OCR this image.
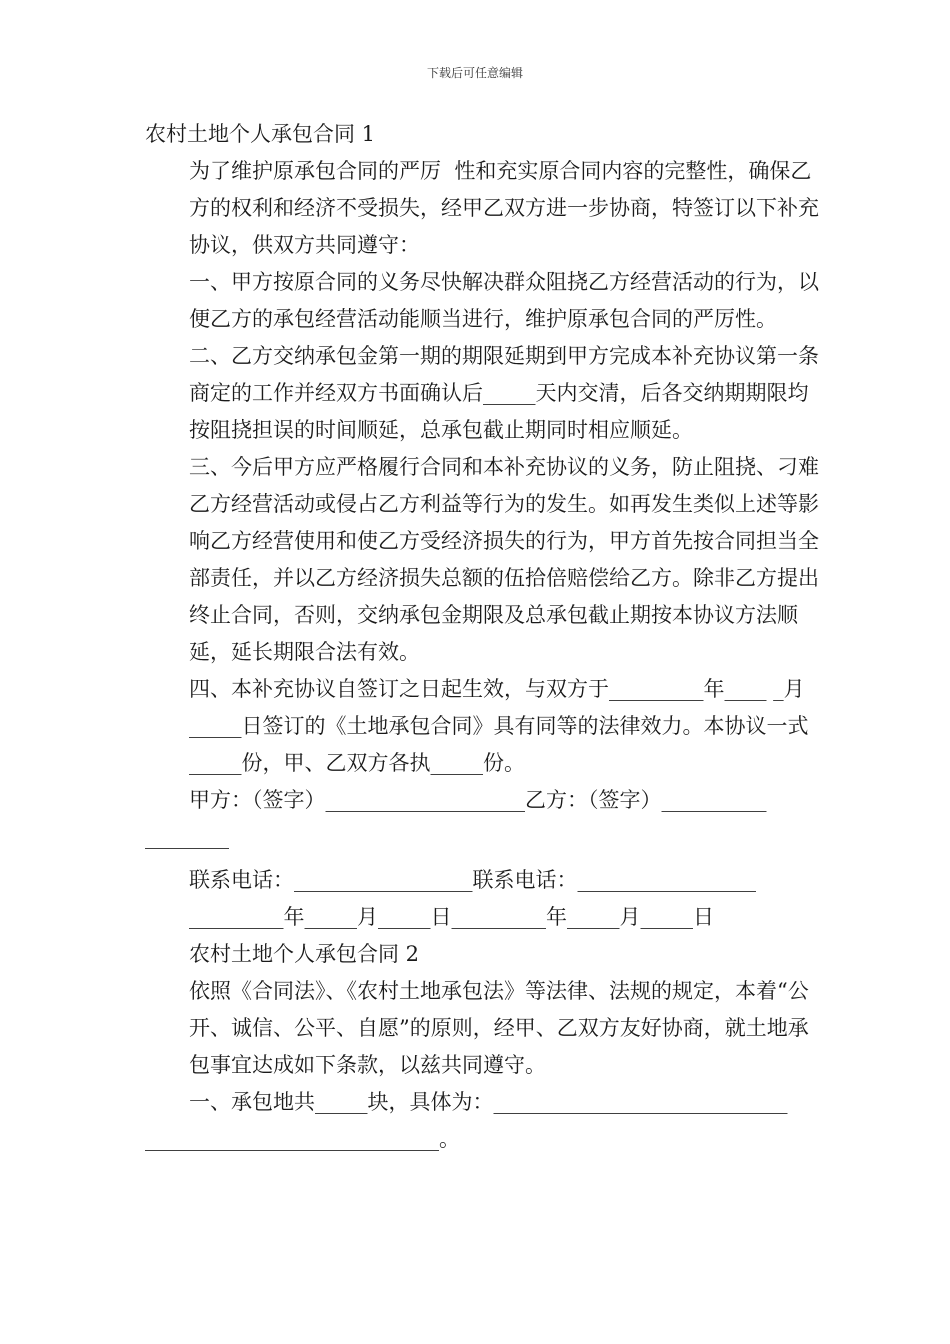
下载后可任意编辑

农村土地个人承包合同 1

为了维护原承包合同的严厉  性和充实原合同内容的完整性，确保乙方的权利和经济不受损失，经甲乙双方进一步协商，特签订以下补充协议，供双方共同遵守：

一、甲方按原合同的义务尽快解决群众阻挠乙方经营活动的行为，以便乙方的承包经营活动能顺当进行，维护原承包合同的严厉性。

二、乙方交纳承包金第一期的期限延期到甲方完成本补充协议第一条商定的工作并经双方书面确认后_____天内交清，后各交纳期期限均按阻挠担误的时间顺延，总承包截止期同时相应顺延。

三、今后甲方应严格履行合同和本补充协议的义务，防止阻挠、刁难乙方经营活动或侵占乙方利益等行为的发生。如再发生类似上述等影响乙方经营使用和使乙方受经济损失的行为，甲方首先按合同担当全部责任，并以乙方经济损失总额的伍拾倍赔偿给乙方。除非乙方提出终止合同，否则，交纳承包金期限及总承包截止期按本协议方法顺延，延长期限合法有效。

四、本补充协议自签订之日起生效，与双方于_________年____ _月_____日签订的《土地承包合同》具有同等的法律效力。本协议一式_____份，甲、乙双方各执_____份。

甲方：（签字）___________________乙方：（签字）__________

________

联系电话：_________________联系电话：_________________

_________年_____月_____日_________年_____月_____日

农村土地个人承包合同 2

依照《合同法》、《农村土地承包法》等法律、法规的规定，本着“公开、诚信、公平、自愿”的原则，经甲、乙双方友好协商，就土地承包事宜达成如下条款，以兹共同遵守。

一、承包地共_____块，具体为：____________________________

____________________________。
